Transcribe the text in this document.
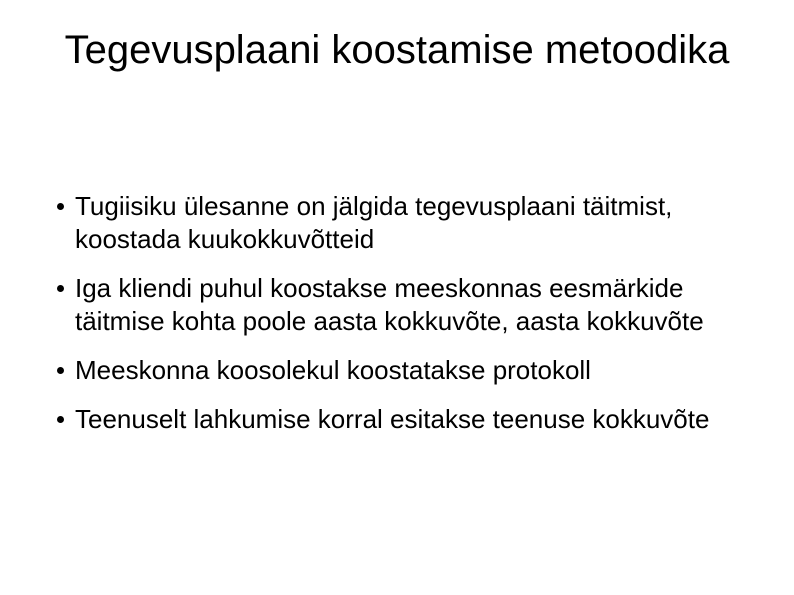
Tegevusplaani koostamise metoodika
Tugiisiku ülesanne on jälgida tegevusplaani täitmist, koostada kuukokkuvõtteid
Iga kliendi puhul koostakse meeskonnas eesmärkide täitmise kohta poole aasta kokkuvõte, aasta kokkuvõte
Meeskonna koosolekul koostatakse protokoll
Teenuselt lahkumise korral esitakse teenuse kokkuvõte
